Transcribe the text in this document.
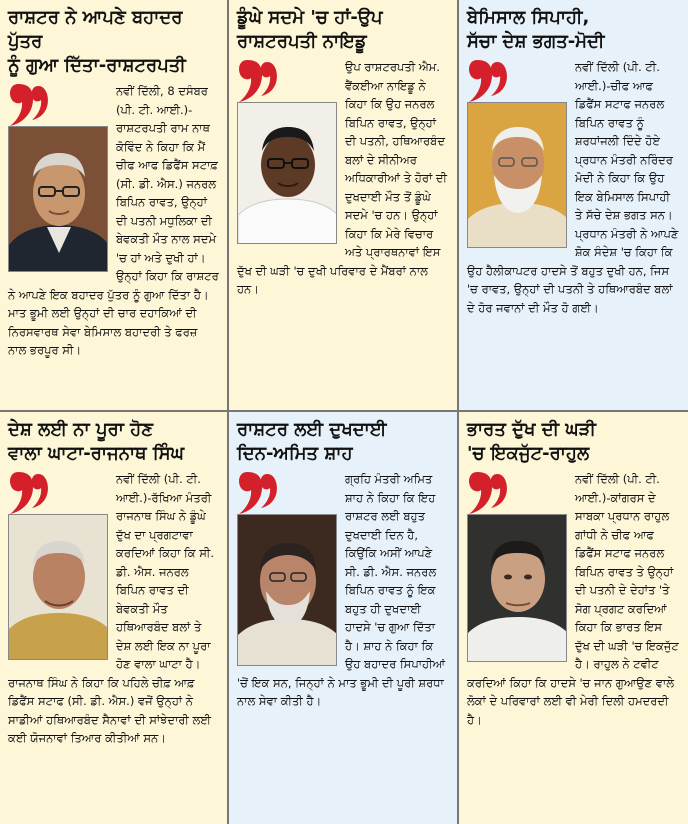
ਰਾਸ਼ਟਰ ਨੇ ਆਪਣੇ ਬਹਾਦਰ ਪੁੱਤਰ
ਨੂੰ ਗੁਆ ਦਿੱਤਾ-ਰਾਸ਼ਟਰਪਤੀ
ਨਵੀਂ ਦਿੱਲੀ, 8 ਦਸੰਬਰ (ਪੀ. ਟੀ. ਆਈ.)-ਰਾਸ਼ਟਰਪਤੀ ਰਾਮ ਨਾਥ ਕੋਵਿੰਦ ਨੇ ਕਿਹਾ ਕਿ ਮੈਂ ਚੀਫ ਆਫ ਡਿਫੈਂਸ ਸਟਾਫ਼ (ਸੀ. ਡੀ. ਐਸ.) ਜਨਰਲ ਬਿਪਿਨ ਰਾਵਤ, ਉਨ੍ਹਾਂ ਦੀ ਪਤਨੀ ਮਧੁਲਿਕਾ ਦੀ ਬੇਵਕਤੀ ਮੌਤ ਨਾਲ ਸਦਮੇ 'ਚ ਹਾਂ ਅਤੇ ਦੁਖੀ ਹਾਂ। ਉਨ੍ਹਾਂ ਕਿਹਾ ਕਿ ਰਾਸ਼ਟਰ ਨੇ ਆਪਣੇ ਇਕ ਬਹਾਦਰ ਪੁੱਤਰ ਨੂੰ ਗੁਆ ਦਿੱਤਾ ਹੈ। ਮਾਤ ਭੂਮੀ ਲਈ ਉਨ੍ਹਾਂ ਦੀ ਚਾਰ ਦਹਾਕਿਆਂ ਦੀ ਨਿਰਸਵਾਰਥ ਸੇਵਾ ਬੇਮਿਸਾਲ ਬਹਾਦਰੀ ਤੇ ਫਰਜ਼ ਨਾਲ ਭਰਪੂਰ ਸੀ।
ਡੂੰਘੇ ਸਦਮੇ 'ਚ ਹਾਂ-ਉਪ
ਰਾਸ਼ਟਰਪਤੀ ਨਾਇਡੂ
ਉਪ ਰਾਸ਼ਟਰਪਤੀ ਐਮ. ਵੈਂਕਈਆ ਨਾਇਡੂ ਨੇ ਕਿਹਾ ਕਿ ਉਹ ਜਨਰਲ ਬਿਪਿਨ ਰਾਵਤ, ਉਨ੍ਹਾਂ ਦੀ ਪਤਨੀ, ਹਥਿਆਰਬੰਦ ਬਲਾਂ ਦੇ ਸੀਨੀਅਰ ਅਧਿਕਾਰੀਆਂ ਤੇ ਹੋਰਾਂ ਦੀ ਦੁਖਦਾਈ ਮੌਤ ਤੋਂ ਡੂੰਘੇ ਸਦਮੇ 'ਚ ਹਨ। ਉਨ੍ਹਾਂ ਕਿਹਾ ਕਿ ਮੇਰੇ ਵਿਚਾਰ ਅਤੇ ਪ੍ਰਾਰਥਨਾਵਾਂ ਇਸ ਦੁੱਖ ਦੀ ਘੜੀ 'ਚ ਦੁਖੀ ਪਰਿਵਾਰ ਦੇ ਮੈਂਬਰਾਂ ਨਾਲ ਹਨ।
ਬੇਮਿਸਾਲ ਸਿਪਾਹੀ,
ਸੱਚਾ ਦੇਸ਼ ਭਗਤ-ਮੋਦੀ
ਨਵੀਂ ਦਿੱਲੀ (ਪੀ. ਟੀ. ਆਈ.)-ਚੀਫ ਆਫ ਡਿਫੈਂਸ ਸਟਾਫ ਜਨਰਲ ਬਿਪਿਨ ਰਾਵਤ ਨੂੰ ਸ਼ਰਧਾਂਜਲੀ ਦਿੰਦੇ ਹੋਏ ਪ੍ਰਧਾਨ ਮੰਤਰੀ ਨਰਿੰਦਰ ਮੋਦੀ ਨੇ ਕਿਹਾ ਕਿ ਉਹ ਇਕ ਬੇਮਿਸਾਲ ਸਿਪਾਹੀ ਤੇ ਸੱਚੇ ਦੇਸ਼ ਭਗਤ ਸਨ। ਪ੍ਰਧਾਨ ਮੰਤਰੀ ਨੇ ਆਪਣੇ ਸ਼ੋਕ ਸੰਦੇਸ਼ 'ਚ ਕਿਹਾ ਕਿ ਉਹ ਹੈਲੀਕਾਪਟਰ ਹਾਦਸੇ ਤੋਂ ਬਹੁਤ ਦੁਖੀ ਹਨ, ਜਿਸ 'ਚ ਰਾਵਤ, ਉਨ੍ਹਾਂ ਦੀ ਪਤਨੀ ਤੇ ਹਥਿਆਰਬੰਦ ਬਲਾਂ ਦੇ ਹੋਰ ਜਵਾਨਾਂ ਦੀ ਮੌਤ ਹੋ ਗਈ।
ਦੇਸ਼ ਲਈ ਨਾ ਪੂਰਾ ਹੋਣ
ਵਾਲਾ ਘਾਟਾ-ਰਾਜਨਾਥ ਸਿੰਘ
ਨਵੀਂ ਦਿੱਲੀ (ਪੀ. ਟੀ. ਆਈ.)-ਰੱਖਿਆ ਮੰਤਰੀ ਰਾਜਨਾਥ ਸਿੰਘ ਨੇ ਡੂੰਘੇ ਦੁੱਖ ਦਾ ਪ੍ਰਗਟਾਵਾ ਕਰਦਿਆਂ ਕਿਹਾ ਕਿ ਸੀ. ਡੀ. ਐਸ. ਜਨਰਲ ਬਿਪਿਨ ਰਾਵਤ ਦੀ ਬੇਵਕਤੀ ਮੌਤ ਹਥਿਆਰਬੰਦ ਬਲਾਂ ਤੇ ਦੇਸ਼ ਲਈ ਇਕ ਨਾ ਪੂਰਾ ਹੋਣ ਵਾਲਾ ਘਾਟਾ ਹੈ। ਰਾਜਨਾਥ ਸਿੰਘ ਨੇ ਕਿਹਾ ਕਿ ਪਹਿਲੇ ਚੀਫ਼ ਆਫ਼ ਡਿਫੈਂਸ ਸਟਾਫ (ਸੀ. ਡੀ. ਐਸ.) ਵਜੋਂ ਉਨ੍ਹਾਂ ਨੇ ਸਾਡੀਆਂ ਹਥਿਆਰਬੰਦ ਸੈਨਾਵਾਂ ਦੀ ਸਾਂਝੇਦਾਰੀ ਲਈ ਕਈ ਯੋਜਨਾਵਾਂ ਤਿਆਰ ਕੀਤੀਆਂ ਸਨ।
ਰਾਸ਼ਟਰ ਲਈ ਦੁਖਦਾਈ
ਦਿਨ-ਅਮਿਤ ਸ਼ਾਹ
ਗ੍ਰਹਿ ਮੰਤਰੀ ਅਮਿਤ ਸ਼ਾਹ ਨੇ ਕਿਹਾ ਕਿ ਇਹ ਰਾਸ਼ਟਰ ਲਈ ਬਹੁਤ ਦੁਖਦਾਈ ਦਿਨ ਹੈ, ਕਿਉਂਕਿ ਅਸੀਂ ਆਪਣੇ ਸੀ. ਡੀ. ਐਸ. ਜਨਰਲ ਬਿਪਿਨ ਰਾਵਤ ਨੂੰ ਇਕ ਬਹੁਤ ਹੀ ਦੁਖਦਾਈ ਹਾਦਸੇ 'ਚ ਗੁਆ ਦਿੱਤਾ ਹੈ। ਸ਼ਾਹ ਨੇ ਕਿਹਾ ਕਿ ਉਹ ਬਹਾਦਰ ਸਿਪਾਹੀਆਂ 'ਚੋਂ ਇਕ ਸਨ, ਜਿਨ੍ਹਾਂ ਨੇ ਮਾਤ ਭੂਮੀ ਦੀ ਪੂਰੀ ਸ਼ਰਧਾ ਨਾਲ ਸੇਵਾ ਕੀਤੀ ਹੈ।
ਭਾਰਤ ਦੁੱਖ ਦੀ ਘੜੀ
'ਚ ਇਕਜੁੱਟ-ਰਾਹੁਲ
ਨਵੀਂ ਦਿੱਲੀ (ਪੀ. ਟੀ. ਆਈ.)-ਕਾਂਗਰਸ ਦੇ ਸਾਬਕਾ ਪ੍ਰਧਾਨ ਰਾਹੁਲ ਗਾਂਧੀ ਨੇ ਚੀਫ ਆਫ ਡਿਫੈਂਸ ਸਟਾਫ ਜਨਰਲ ਬਿਪਿਨ ਰਾਵਤ ਤੇ ਉਨ੍ਹਾਂ ਦੀ ਪਤਨੀ ਦੇ ਦੇਹਾਂਤ 'ਤੇ ਸੋਗ ਪ੍ਰਗਟ ਕਰਦਿਆਂ ਕਿਹਾ ਕਿ ਭਾਰਤ ਇਸ ਦੁੱਖ ਦੀ ਘੜੀ 'ਚ ਇਕਜੁੱਟ ਹੈ। ਰਾਹੁਲ ਨੇ ਟਵੀਟ ਕਰਦਿਆਂ ਕਿਹਾ ਕਿ ਹਾਦਸੇ 'ਚ ਜਾਨ ਗੁਆਉਣ ਵਾਲੇ ਲੋਕਾਂ ਦੇ ਪਰਿਵਾਰਾਂ ਲਈ ਵੀ ਮੇਰੀ ਦਿਲੀ ਹਮਦਰਦੀ ਹੈ।
